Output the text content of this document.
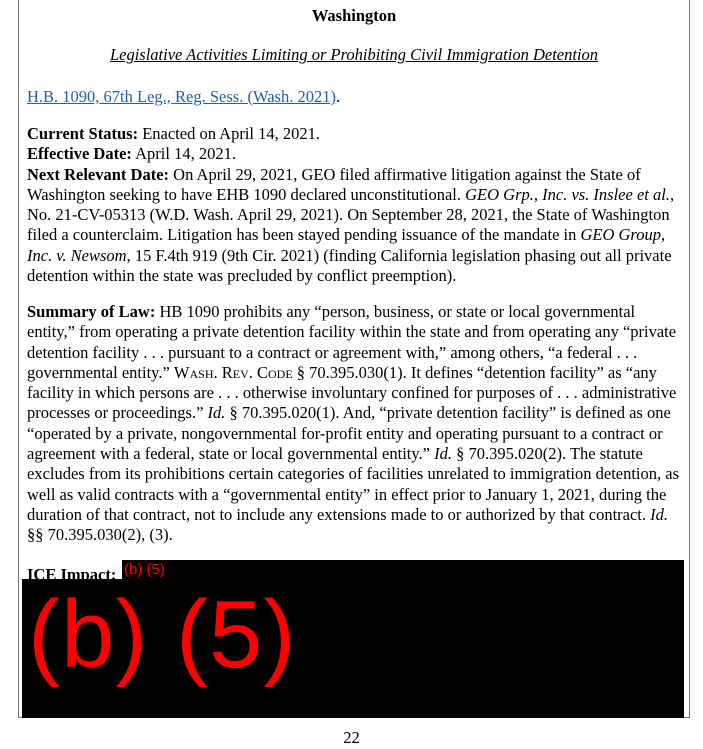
Washington
Legislative Activities Limiting or Prohibiting Civil Immigration Detention
H.B. 1090, 67th Leg., Reg. Sess. (Wash. 2021).
Current Status: Enacted on April 14, 2021.
Effective Date: April 14, 2021.
Next Relevant Date: On April 29, 2021, GEO filed affirmative litigation against the State of Washington seeking to have EHB 1090 declared unconstitutional. GEO Grp., Inc. vs. Inslee et al., No. 21-CV-05313 (W.D. Wash. April 29, 2021). On September 28, 2021, the State of Washington filed a counterclaim. Litigation has been stayed pending issuance of the mandate in GEO Group, Inc. v. Newsom, 15 F.4th 919 (9th Cir. 2021) (finding California legislation phasing out all private detention within the state was precluded by conflict preemption).
Summary of Law: HB 1090 prohibits any “person, business, or state or local governmental entity,” from operating a private detention facility within the state and from operating any “private detention facility . . . pursuant to a contract or agreement with,” among others, “a federal . . . governmental entity.” Wash. Rev. Code § 70.395.030(1). It defines “detention facility” as “any facility in which persons are . . . otherwise involuntary confined for purposes of . . . administrative processes or proceedings.” Id. § 70.395.020(1). And, “private detention facility” is defined as one “operated by a private, nongovernmental for-profit entity and operating pursuant to a contract or agreement with a federal, state or local governmental entity.” Id. § 70.395.020(2). The statute excludes from its prohibitions certain categories of facilities unrelated to immigration detention, as well as valid contracts with a “governmental entity” in effect prior to January 1, 2021, during the duration of that contract, not to include any extensions made to or authorized by that contract. Id. §§ 70.395.030(2), (3).
ICE Impact: (b) (5)
(b) (5)
22
